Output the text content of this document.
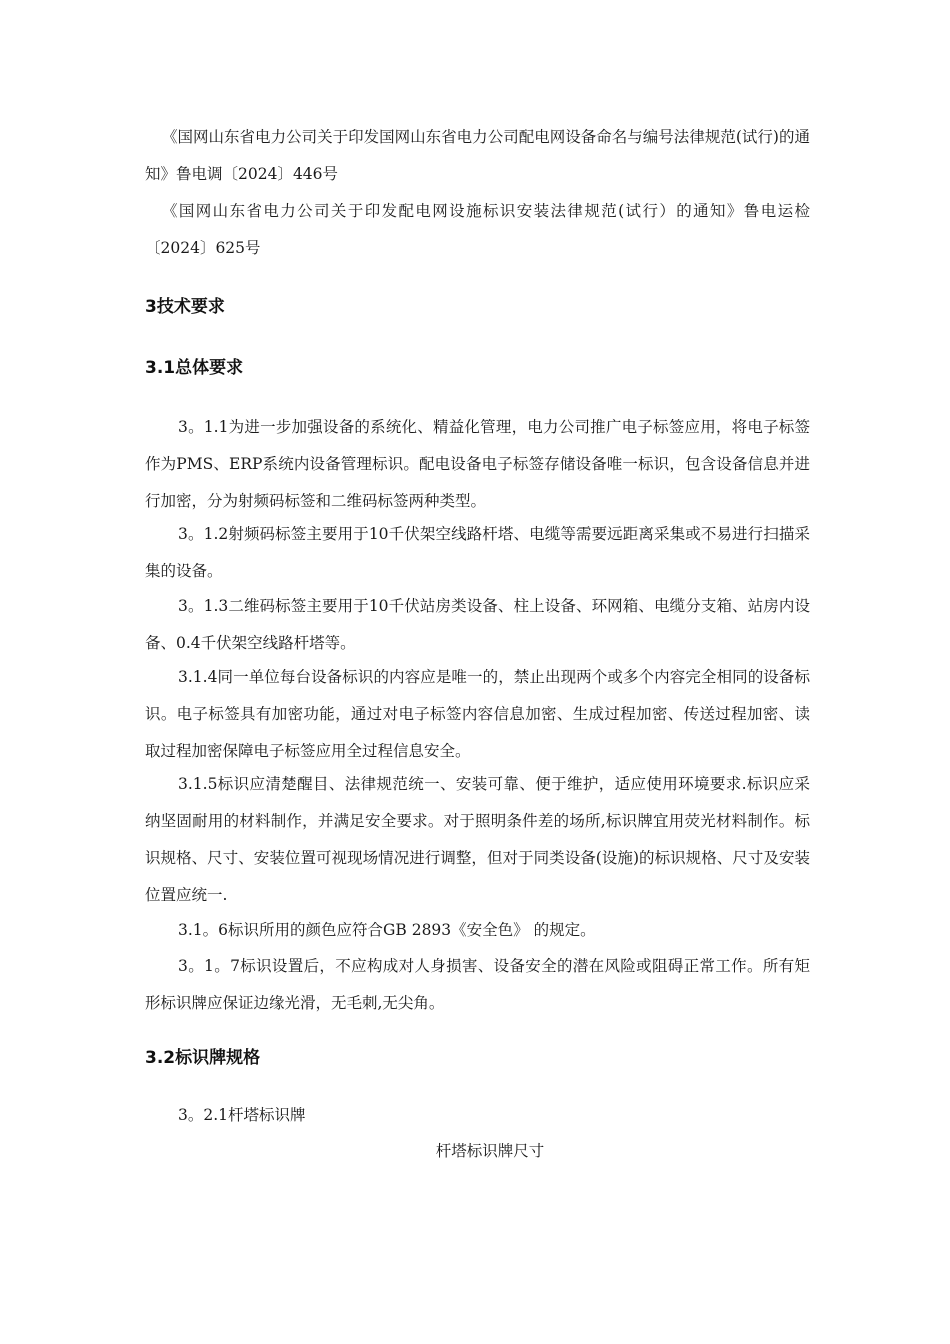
《国网山东省电力公司关于印发国网山东省电力公司配电网设备命名与编号法律规范(试行)的通知》鲁电调〔2024〕446号

《国网山东省电力公司关于印发配电网设施标识安装法律规范(试行）的通知》鲁电运检〔2024〕625号

3技术要求
3.1总体要求

3。1.1为进一步加强设备的系统化、精益化管理，电力公司推广电子标签应用，将电子标签作为PMS、ERP系统内设备管理标识。配电设备电子标签存储设备唯一标识，包含设备信息并进行加密，分为射频码标签和二维码标签两种类型。

3。1.2射频码标签主要用于10千伏架空线路杆塔、电缆等需要远距离采集或不易进行扫描采集的设备。

3。1.3二维码标签主要用于10千伏站房类设备、柱上设备、环网箱、电缆分支箱、站房内设备、0.4千伏架空线路杆塔等。

3.1.4同一单位每台设备标识的内容应是唯一的，禁止出现两个或多个内容完全相同的设备标识。电子标签具有加密功能，通过对电子标签内容信息加密、生成过程加密、传送过程加密、读取过程加密保障电子标签应用全过程信息安全。

3.1.5标识应清楚醒目、法律规范统一、安装可靠、便于维护，适应使用环境要求.标识应采纳坚固耐用的材料制作，并满足安全要求。对于照明条件差的场所,标识牌宜用荧光材料制作。标识规格、尺寸、安装位置可视现场情况进行调整，但对于同类设备(设施)的标识规格、尺寸及安装位置应统一.

3.1。6标识所用的颜色应符合GB 2893《安全色》 的规定。

3。1。7标识设置后，不应构成对人身损害、设备安全的潜在风险或阻碍正常工作。所有矩形标识牌应保证边缘光滑，无毛刺,无尖角。

3.2标识牌规格

3。2.1杆塔标识牌

杆塔标识牌尺寸
